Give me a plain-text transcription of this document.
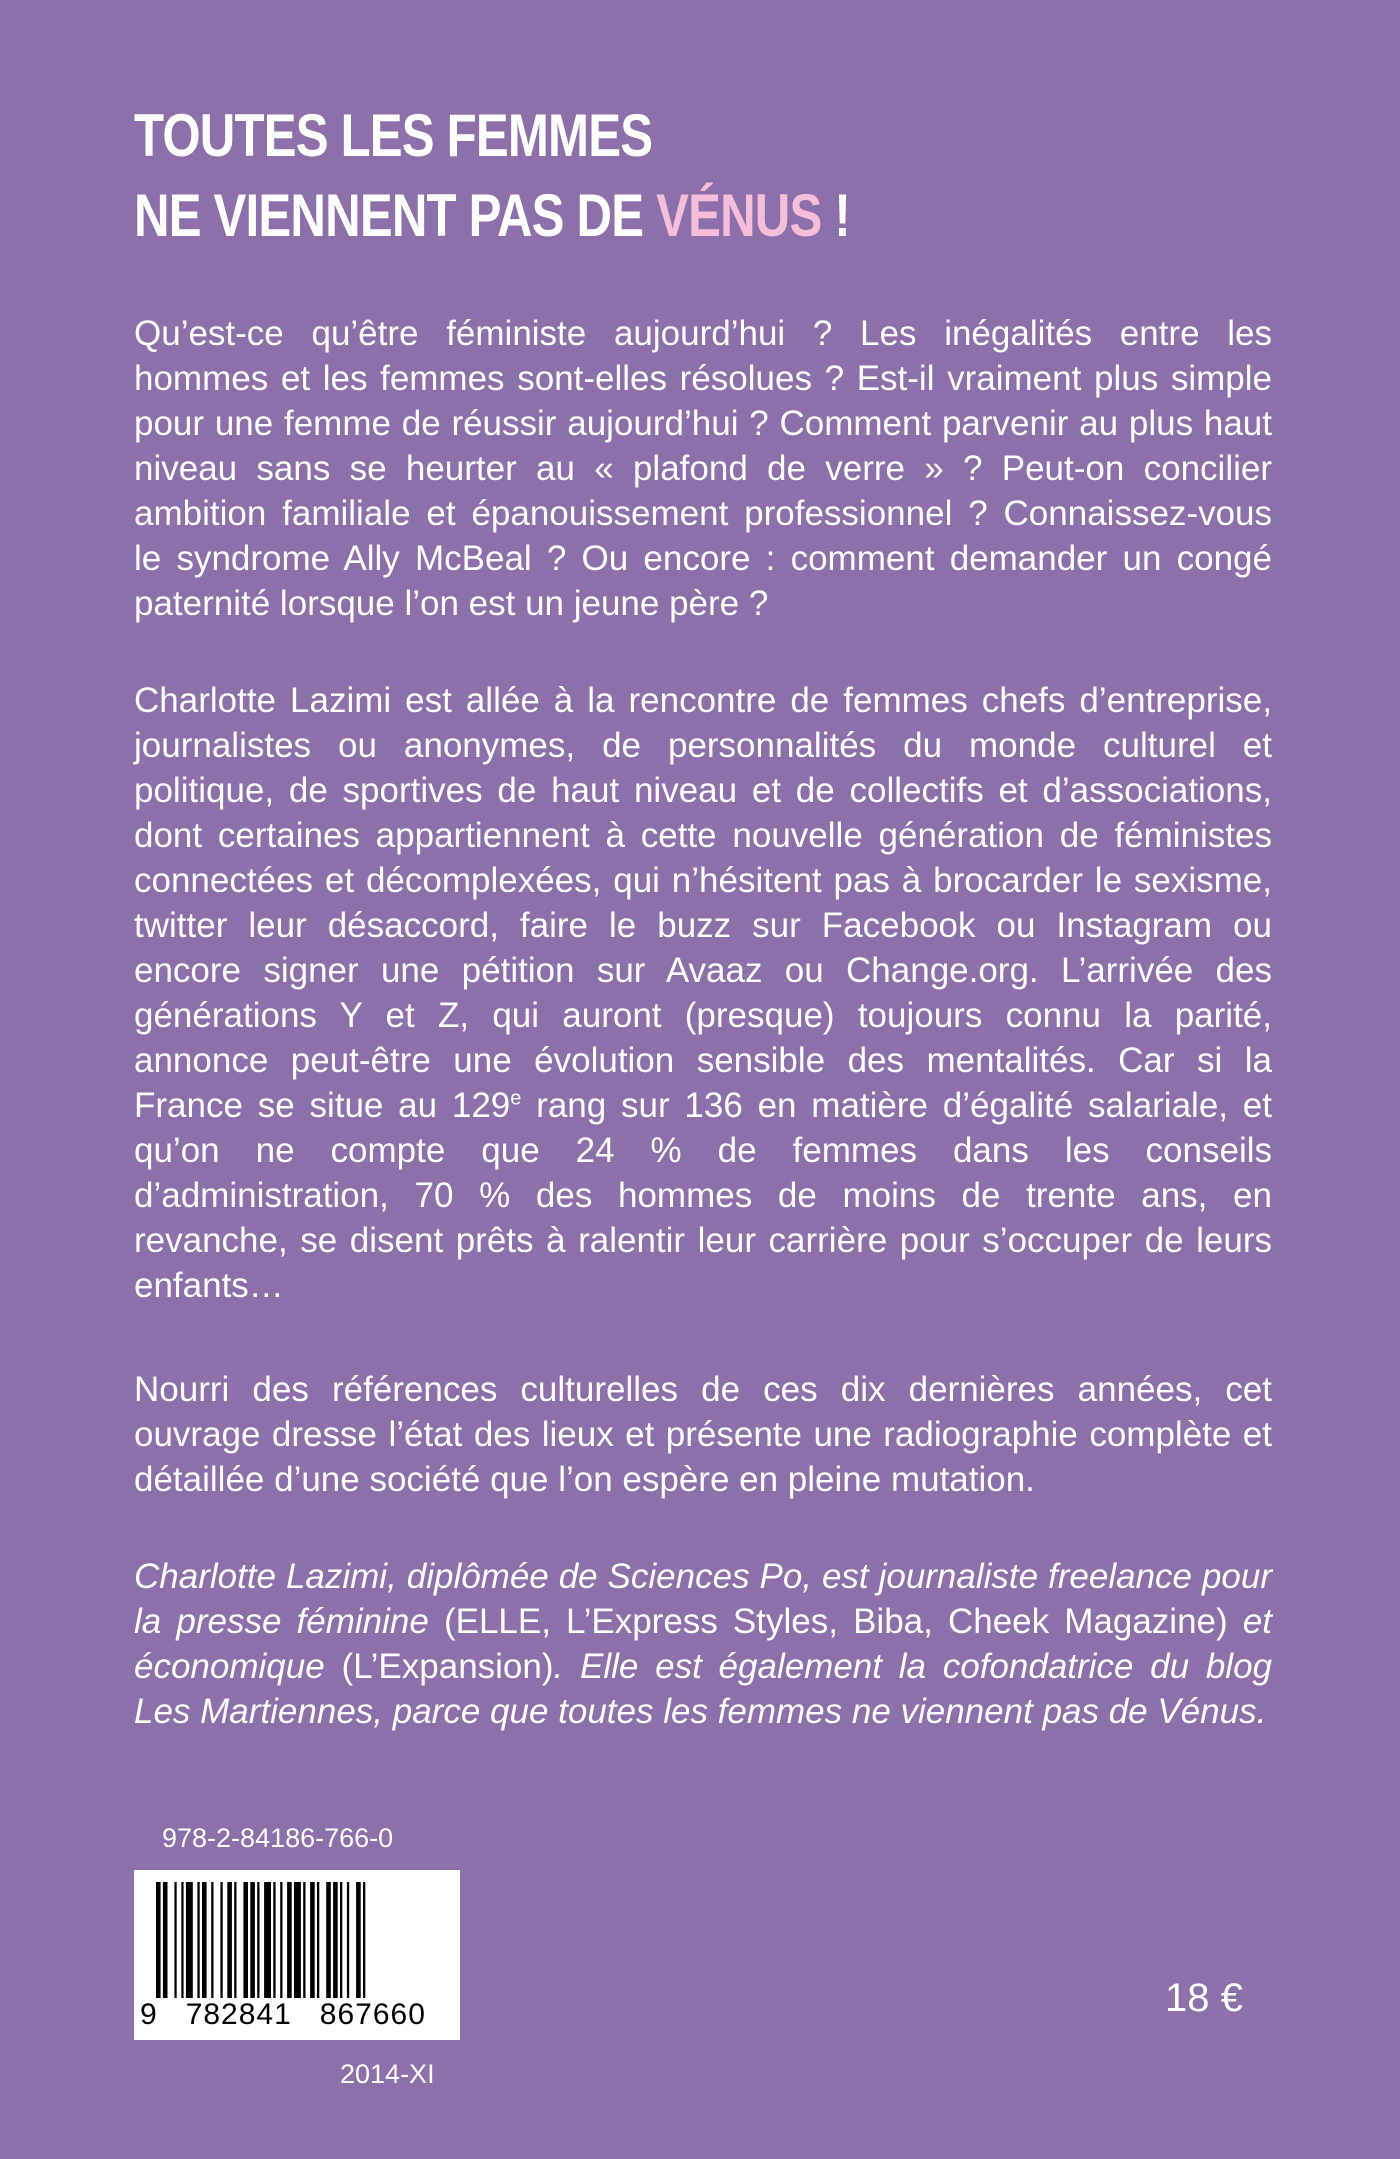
TOUTES LES FEMMES
NE VIENNENT PAS DE VÉNUS !

Qu’est-ce qu’être féministe aujourd’hui ? Les inégalités entre les hommes et les femmes sont-elles résolues ? Est-il vraiment plus simple pour une femme de réussir aujourd’hui ? Comment parvenir au plus haut niveau sans se heurter au « plafond de verre » ? Peut-on concilier ambition familiale et épanouissement professionnel ? Connaissez-vous le syndrome Ally McBeal ? Ou encore : comment demander un congé paternité lorsque l’on est un jeune père ?

Charlotte Lazimi est allée à la rencontre de femmes chefs d’entreprise, journalistes ou anonymes, de personnalités du monde culturel et politique, de sportives de haut niveau et de collectifs et d’associations, dont certaines appartiennent à cette nouvelle génération de féministes connectées et décomplexées, qui n’hésitent pas à brocarder le sexisme, twitter leur désaccord, faire le buzz sur Facebook ou Instagram ou encore signer une pétition sur Avaaz ou Change.org. L’arrivée des générations Y et Z, qui auront (presque) toujours connu la parité, annonce peut-être une évolution sensible des mentalités. Car si la France se situe au 129e rang sur 136 en matière d’égalité salariale, et qu’on ne compte que 24 % de femmes dans les conseils d’administration, 70 % des hommes de moins de trente ans, en revanche, se disent prêts à ralentir leur carrière pour s’occuper de leurs enfants…

Nourri des références culturelles de ces dix dernières années, cet ouvrage dresse l’état des lieux et présente une radiographie complète et détaillée d’une société que l’on espère en pleine mutation.

Charlotte Lazimi, diplômée de Sciences Po, est journaliste freelance pour la presse féminine (ELLE, L’Express Styles, Biba, Cheek Magazine) et économique (L’Expansion). Elle est également la cofondatrice du blog Les Martiennes, parce que toutes les femmes ne viennent pas de Vénus.

978-2-84186-766-0
9   782841   867660	18 €
2014-XI
